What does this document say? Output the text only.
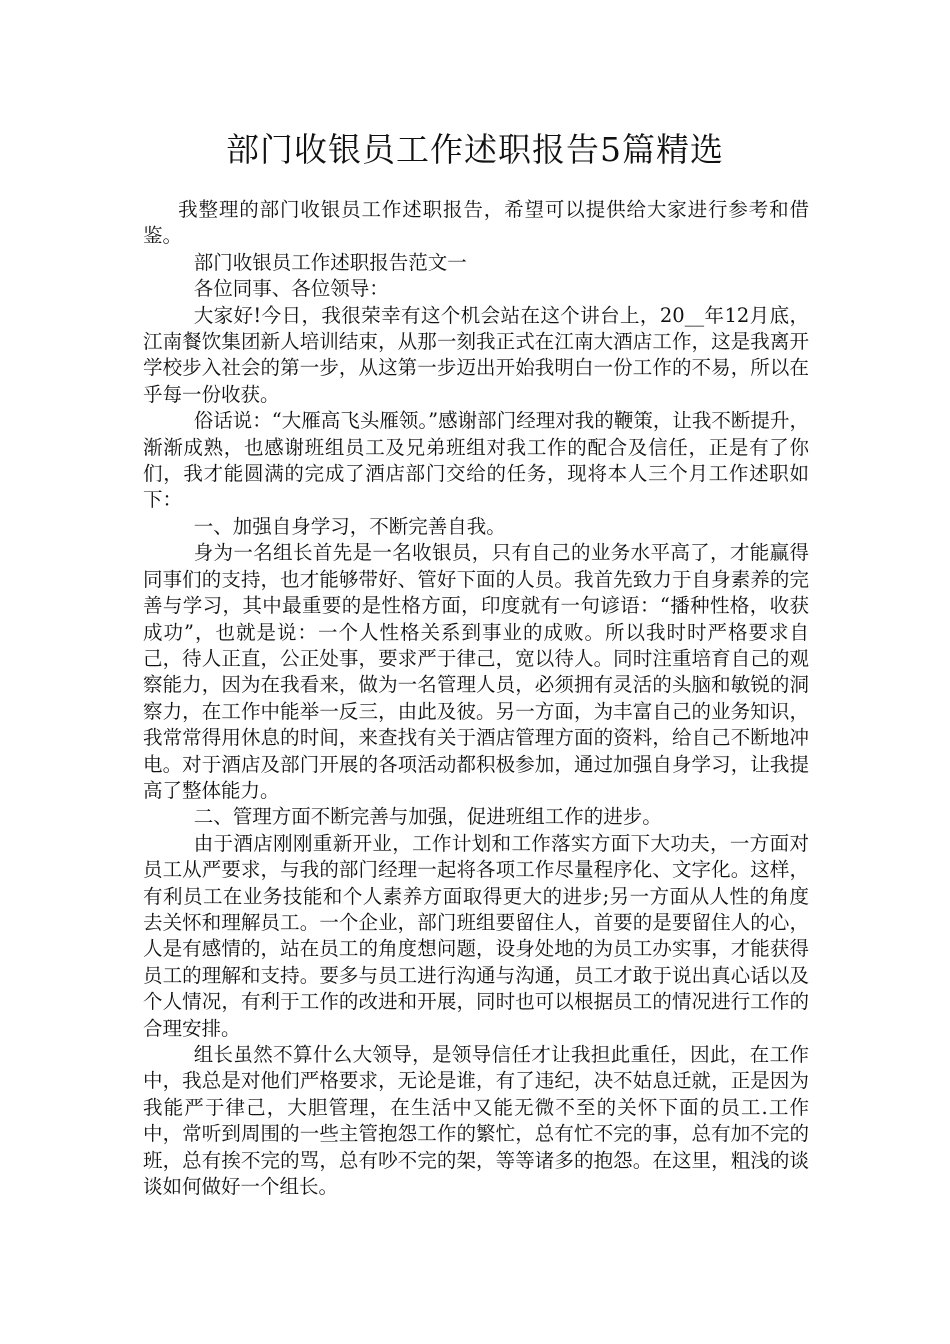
部门收银员工作述职报告5篇精选

我整理的部门收银员工作述职报告，希望可以提供给大家进行参考和借鉴。

部门收银员工作述职报告范文一

各位同事、各位领导：

大家好!今日，我很荣幸有这个机会站在这个讲台上，20__年12月底，江南餐饮集团新人培训结束，从那一刻我正式在江南大酒店工作，这是我离开学校步入社会的第一步，从这第一步迈出开始我明白一份工作的不易，所以在乎每一份收获。

俗话说：“大雁高飞头雁领。”感谢部门经理对我的鞭策，让我不断提升，渐渐成熟，也感谢班组员工及兄弟班组对我工作的配合及信任，正是有了你们，我才能圆满的完成了酒店部门交给的任务，现将本人三个月工作述职如下：

一、加强自身学习，不断完善自我。

身为一名组长首先是一名收银员，只有自己的业务水平高了，才能赢得同事们的支持，也才能够带好、管好下面的人员。我首先致力于自身素养的完善与学习，其中最重要的是性格方面，印度就有一句谚语：“播种性格，收获成功”，也就是说：一个人性格关系到事业的成败。所以我时时严格要求自己，待人正直，公正处事，要求严于律己，宽以待人。同时注重培育自己的观察能力，因为在我看来，做为一名管理人员，必须拥有灵活的头脑和敏锐的洞察力，在工作中能举一反三，由此及彼。另一方面，为丰富自己的业务知识，我常常得用休息的时间，来查找有关于酒店管理方面的资料，给自己不断地冲电。对于酒店及部门开展的各项活动都积极参加，通过加强自身学习，让我提高了整体能力。

二、管理方面不断完善与加强，促进班组工作的进步。

由于酒店刚刚重新开业，工作计划和工作落实方面下大功夫，一方面对员工从严要求，与我的部门经理一起将各项工作尽量程序化、文字化。这样，有利员工在业务技能和个人素养方面取得更大的进步;另一方面从人性的角度去关怀和理解员工。一个企业，部门班组要留住人，首要的是要留住人的心，人是有感情的，站在员工的角度想问题，设身处地的为员工办实事，才能获得员工的理解和支持。要多与员工进行沟通与沟通，员工才敢于说出真心话以及个人情况，有利于工作的改进和开展，同时也可以根据员工的情况进行工作的合理安排。

组长虽然不算什么大领导，是领导信任才让我担此重任，因此，在工作中，我总是对他们严格要求，无论是谁，有了违纪，决不姑息迁就，正是因为我能严于律己，大胆管理，在生活中又能无微不至的关怀下面的员工.工作中，常听到周围的一些主管抱怨工作的繁忙，总有忙不完的事，总有加不完的班，总有挨不完的骂，总有吵不完的架，等等诸多的抱怨。在这里，粗浅的谈谈如何做好一个组长。
